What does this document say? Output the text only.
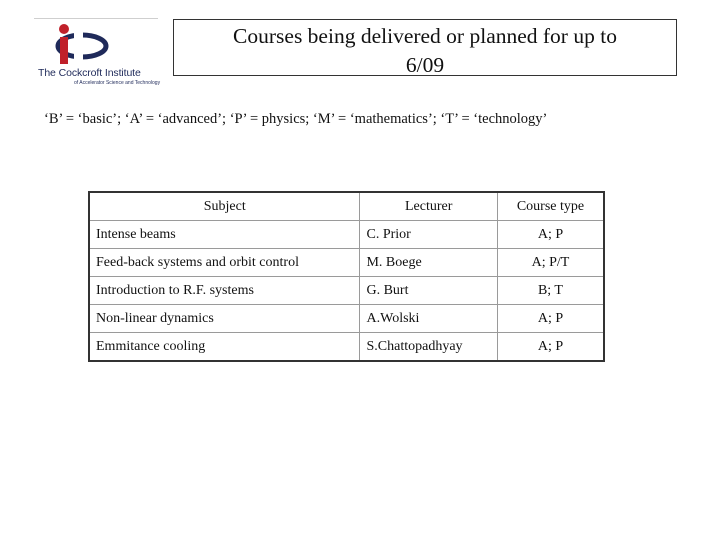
The Cockcroft Institute
of Accelerator Science and Technology
Courses being delivered or planned for up to
6/09
‘B’ = ‘basic’; ‘A’ = ‘advanced’; ‘P’ = physics; ‘M’ = ‘mathematics’; ‘T’ = ‘technology’
Subject	Lecturer	Course type
Intense beams	C. Prior	A; P
Feed-back systems and orbit control	M. Boege	A; P/T
Introduction to R.F. systems	G. Burt	B; T
Non-linear dynamics	A.Wolski	A; P
Emmitance cooling	S.Chattopadhyay	A; P
